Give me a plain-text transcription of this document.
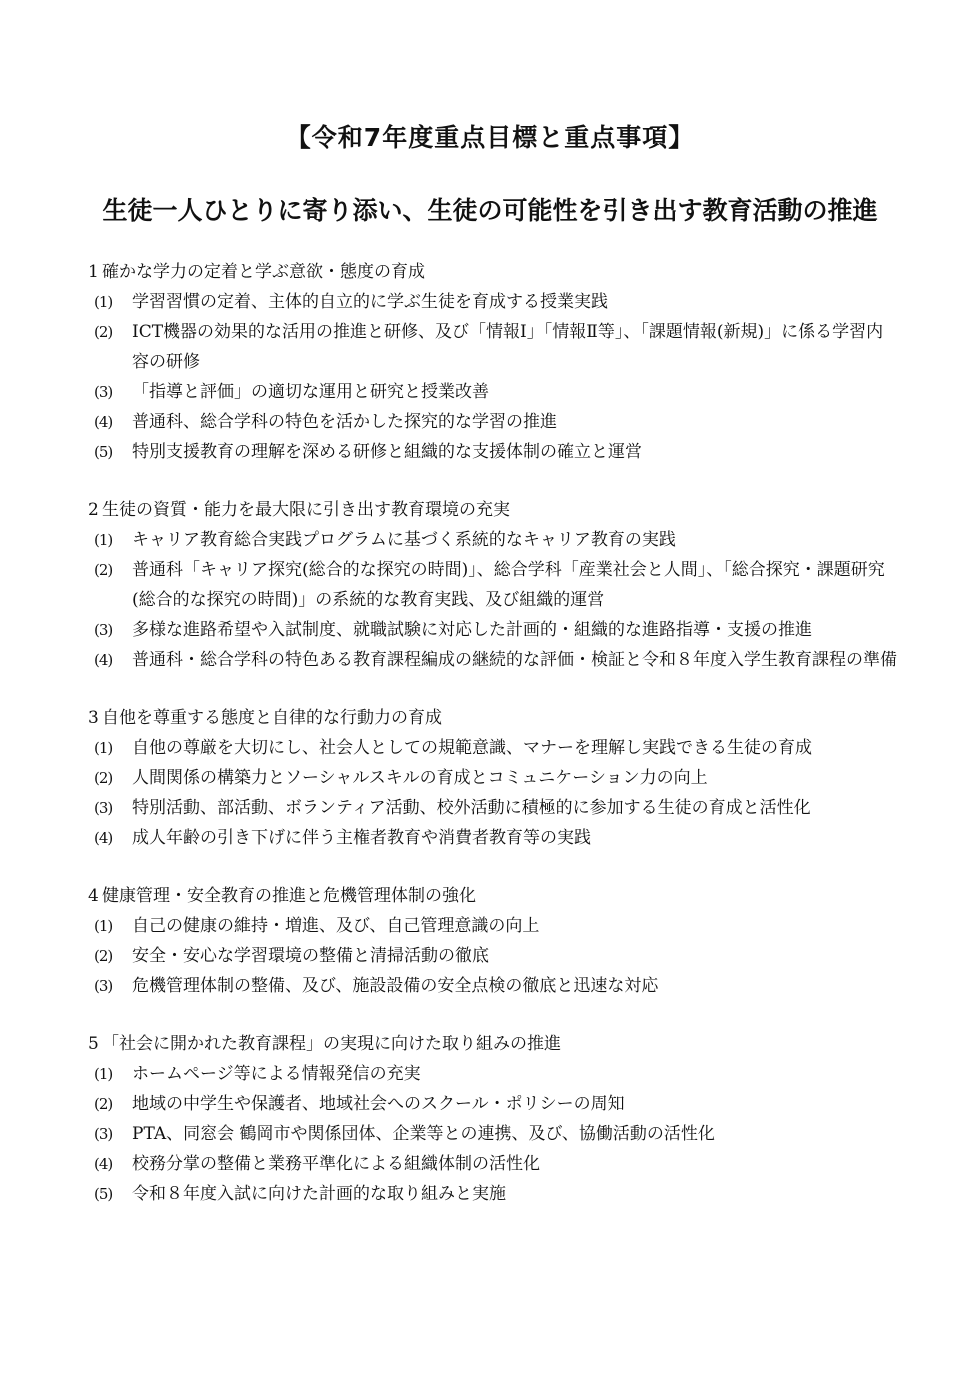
【令和7年度重点目標と重点事項】
生徒一人ひとりに寄り添い、生徒の可能性を引き出す教育活動の推進
1 確かな学力の定着と学ぶ意欲・態度の育成
(1)	学習習慣の定着、主体的自立的に学ぶ生徒を育成する授業実践
(2)	ICT機器の効果的な活用の推進と研修、及び「情報Ⅰ」「情報Ⅱ等」、「課題情報(新規)」に係る学習内容の研修
(3)	「指導と評価」の適切な運用と研究と授業改善
(4)	普通科、総合学科の特色を活かした探究的な学習の推進
(5)	特別支援教育の理解を深める研修と組織的な支援体制の確立と運営
2 生徒の資質・能力を最大限に引き出す教育環境の充実
(1)	キャリア教育総合実践プログラムに基づく系統的なキャリア教育の実践
(2)	普通科「キャリア探究(総合的な探究の時間)」、総合学科「産業社会と人間」、「総合探究・課題研究(総合的な探究の時間)」の系統的な教育実践、及び組織的運営
(3)	多様な進路希望や入試制度、就職試験に対応した計画的・組織的な進路指導・支援の推進
(4)	普通科・総合学科の特色ある教育課程編成の継続的な評価・検証と令和８年度入学生教育課程の準備
3 自他を尊重する態度と自律的な行動力の育成
(1)	自他の尊厳を大切にし、社会人としての規範意識、マナーを理解し実践できる生徒の育成
(2)	人間関係の構築力とソーシャルスキルの育成とコミュニケーション力の向上
(3)	特別活動、部活動、ボランティア活動、校外活動に積極的に参加する生徒の育成と活性化
(4)	成人年齢の引き下げに伴う主権者教育や消費者教育等の実践
4 健康管理・安全教育の推進と危機管理体制の強化
(1)	自己の健康の維持・増進、及び、自己管理意識の向上
(2)	安全・安心な学習環境の整備と清掃活動の徹底
(3)	危機管理体制の整備、及び、施設設備の安全点検の徹底と迅速な対応
5 「社会に開かれた教育課程」の実現に向けた取り組みの推進
(1)	ホームページ等による情報発信の充実
(2)	地域の中学生や保護者、地域社会へのスクール・ポリシーの周知
(3)	PTA、同窓会 鶴岡市や関係団体、企業等との連携、及び、協働活動の活性化
(4)	校務分掌の整備と業務平準化による組織体制の活性化
(5)	令和８年度入試に向けた計画的な取り組みと実施
